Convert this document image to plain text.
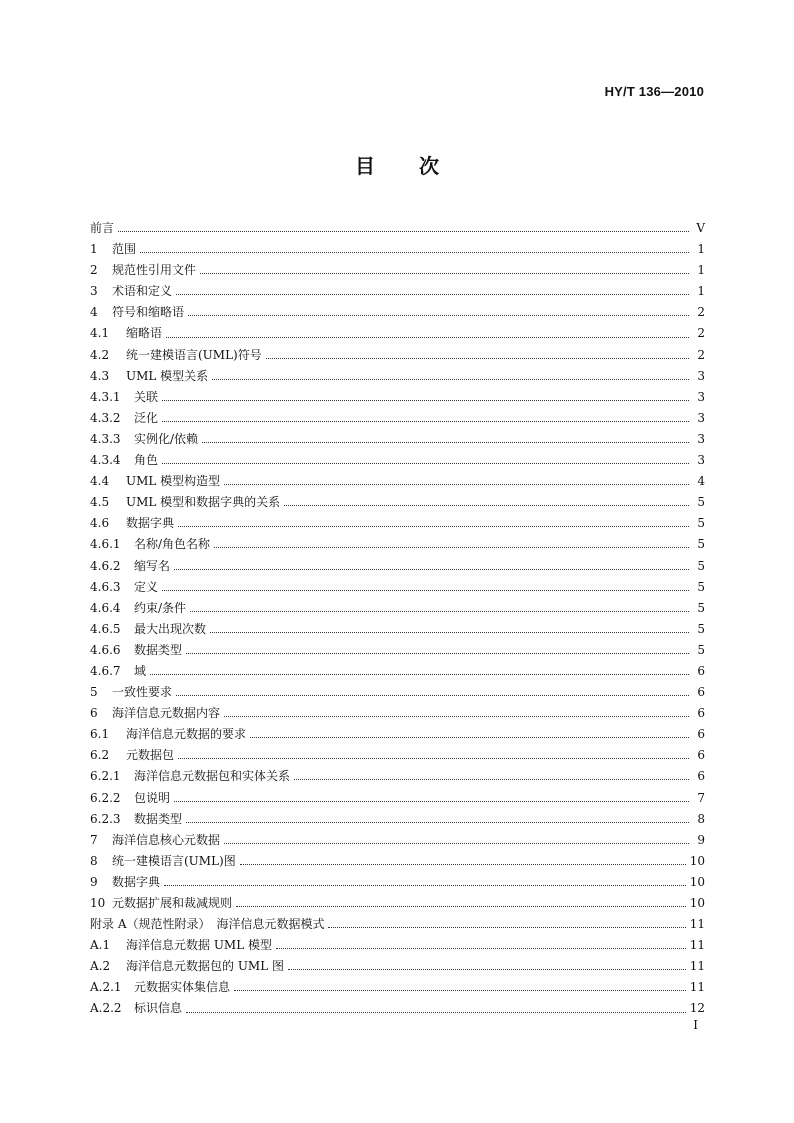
HY/T 136—2010
目 次
前言	V
1	范围	1
2	规范性引用文件	1
3	术语和定义	1
4	符号和缩略语	2
4.1	缩略语	2
4.2	统一建模语言(UML)符号	2
4.3	UML 模型关系	3
4.3.1	关联	3
4.3.2	泛化	3
4.3.3	实例化/依赖	3
4.3.4	角色	3
4.4	UML 模型构造型	4
4.5	UML 模型和数据字典的关系	5
4.6	数据字典	5
4.6.1	名称/角色名称	5
4.6.2	缩写名	5
4.6.3	定义	5
4.6.4	约束/条件	5
4.6.5	最大出现次数	5
4.6.6	数据类型	5
4.6.7	域	6
5	一致性要求	6
6	海洋信息元数据内容	6
6.1	海洋信息元数据的要求	6
6.2	元数据包	6
6.2.1	海洋信息元数据包和实体关系	6
6.2.2	包说明	7
6.2.3	数据类型	8
7	海洋信息核心元数据	9
8	统一建模语言(UML)图	10
9	数据字典	10
10 元数据扩展和裁减规则	10
附录 A（规范性附录）　海洋信息元数据模式	11
A.1	海洋信息元数据 UML 模型	11
A.2	海洋信息元数据包的 UML 图	11
A.2.1	元数据实体集信息	11
A.2.2	标识信息	12
I
